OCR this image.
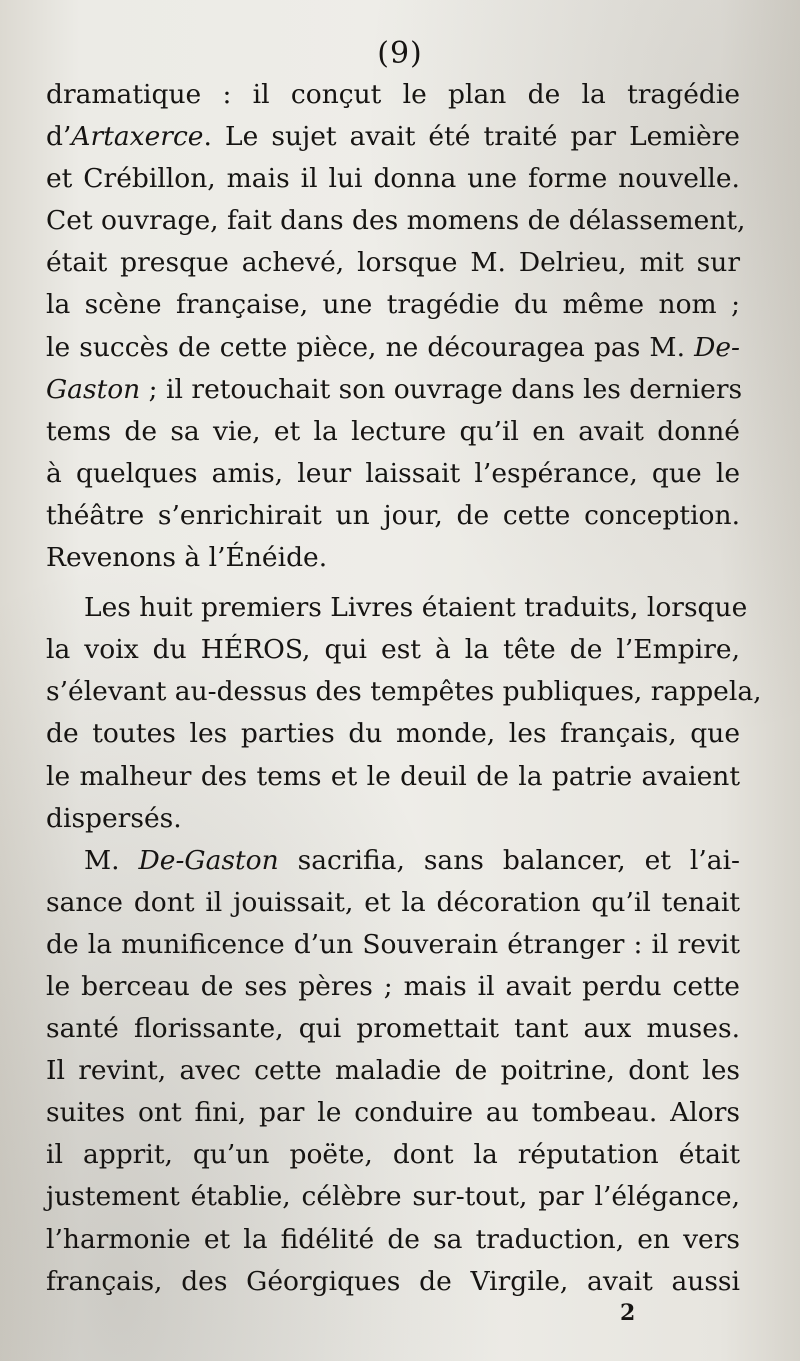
(9)
dramatique : il conçut le plan de la tragédie
d’Artaxerce. Le sujet avait été traité par Lemière
et Crébillon, mais il lui donna une forme nouvelle.
Cet ouvrage, fait dans des momens de délassement,
était presque achevé, lorsque M. Delrieu, mit sur
la scène française, une tragédie du même nom ;
le succès de cette pièce, ne découragea pas M. De-
Gaston ; il retouchait son ouvrage dans les derniers
tems de sa vie, et la lecture qu’il en avait donné
à quelques amis, leur laissait l’espérance, que le
théâtre s’enrichirait un jour, de cette conception.
Revenons à l’Énéide.
Les huit premiers Livres étaient traduits, lorsque
la voix du HÉROS, qui est à la tête de l’Empire,
s’élevant au-dessus des tempêtes publiques, rappela,
de toutes les parties du monde, les français, que
le malheur des tems et le deuil de la patrie avaient
dispersés.
M. De-Gaston sacrifia, sans balancer, et l’ai-
sance dont il jouissait, et la décoration qu’il tenait
de la munificence d’un Souverain étranger : il revit
le berceau de ses pères ; mais il avait perdu cette
santé florissante, qui promettait tant aux muses.
Il revint, avec cette maladie de poitrine, dont les
suites ont fini, par le conduire au tombeau. Alors
il apprit, qu’un poëte, dont la réputation était
justement établie, célèbre sur-tout, par l’élégance,
l’harmonie et la fidélité de sa traduction, en vers
français, des Géorgiques de Virgile, avait aussi
2
